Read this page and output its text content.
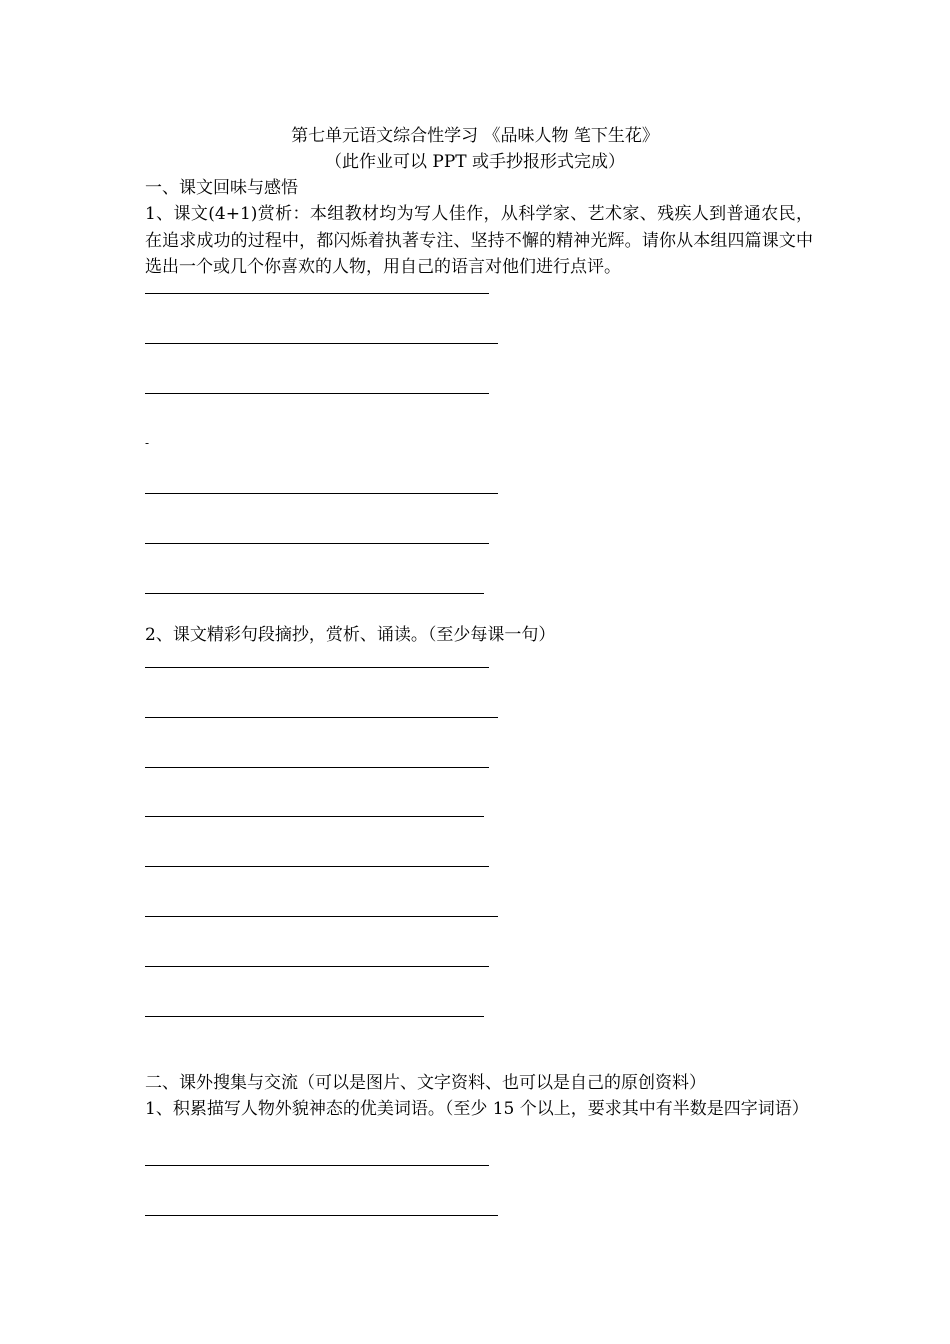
第七单元语文综合性学习 《品味人物 笔下生花》
（此作业可以 PPT 或手抄报形式完成）
一、课文回味与感悟
1、课文(4+1)赏析：本组教材均为写人佳作，从科学家、艺术家、残疾人到普通农民，在追求成功的过程中，都闪烁着执著专注、坚持不懈的精神光辉。请你从本组四篇课文中选出一个或几个你喜欢的人物，用自己的语言对他们进行点评。
-
2、课文精彩句段摘抄，赏析、诵读。（至少每课一句）
二、课外搜集与交流（可以是图片、文字资料、也可以是自己的原创资料）
1、积累描写人物外貌神态的优美词语。（至少 15 个以上，要求其中有半数是四字词语）
